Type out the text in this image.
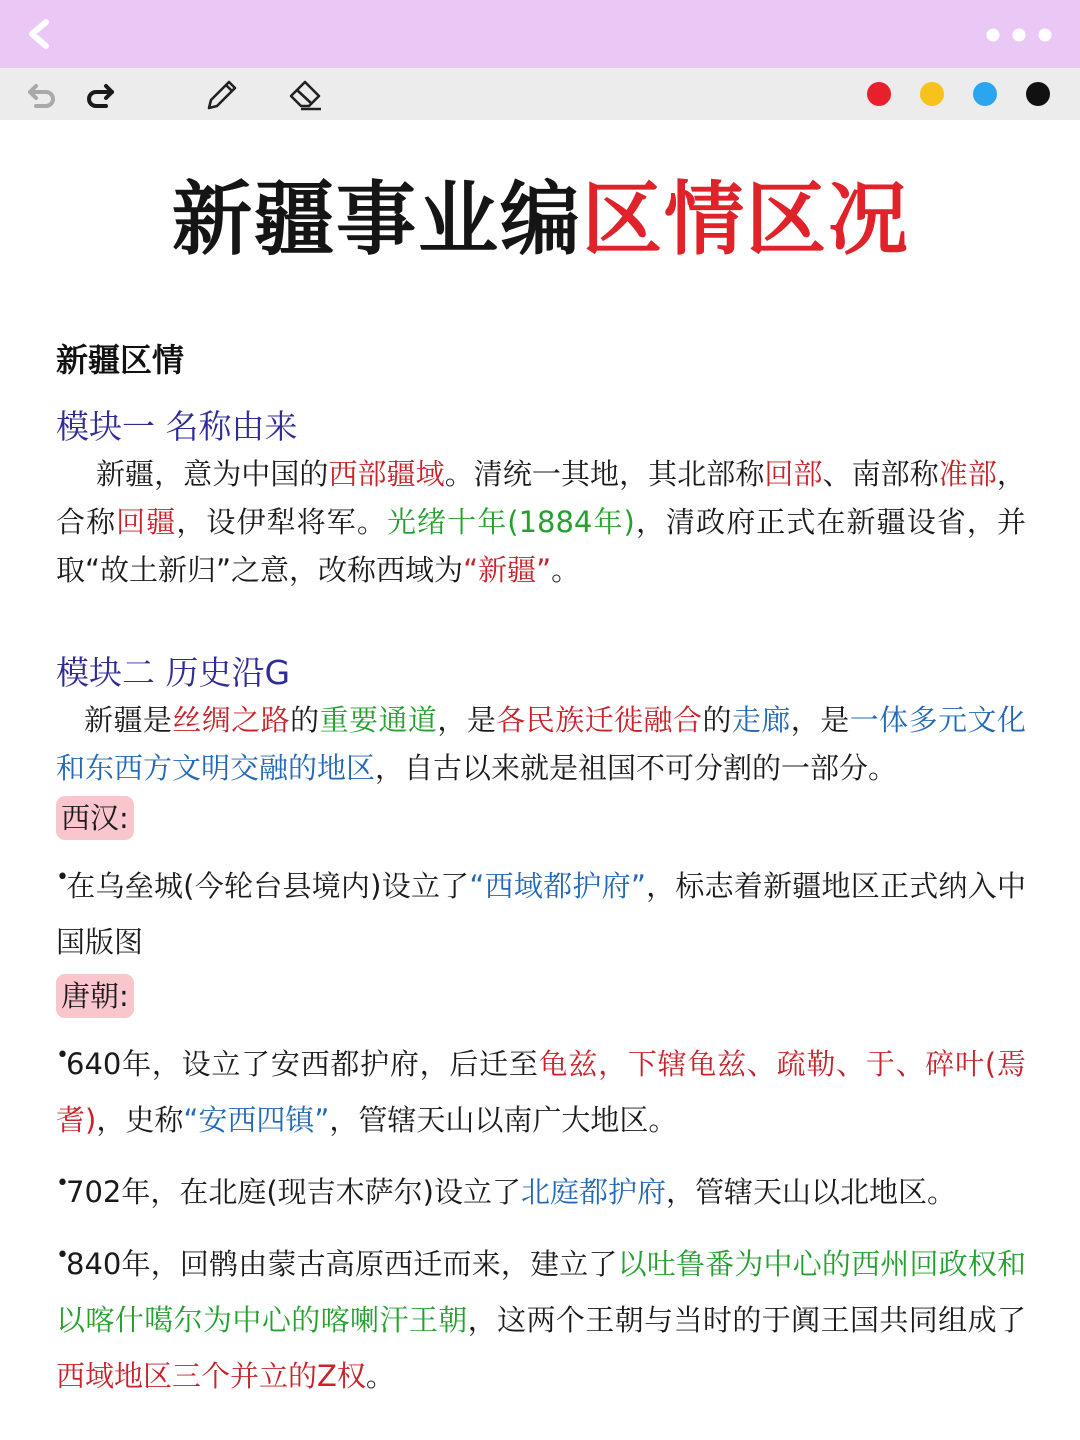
新疆事业编区情区况
新疆区情
模块一 名称由来
新疆，意为中国的西部疆域。清统一其地，其北部称回部、南部称准部，合称回疆，设伊犁将军。光绪十年(1884年)，清政府正式在新疆设省，并取“故土新归”之意，改称西域为“新疆”。
模块二 历史沿G
新疆是丝绸之路的重要通道，是各民族迁徙融合的走廊，是一体多元文化和东西方文明交融的地区，自古以来就是祖国不可分割的一部分。
西汉:
•在乌垒城(今轮台县境内)设立了“西域都护府”，标志着新疆地区正式纳入中国版图
唐朝:
•640年，设立了安西都护府，后迁至龟兹，下辖龟兹、疏勒、于、碎叶(焉耆)，史称“安西四镇”，管辖天山以南广大地区。
•702年，在北庭(现吉木萨尔)设立了北庭都护府，管辖天山以北地区。
•840年，回鹘由蒙古高原西迁而来，建立了以吐鲁番为中心的西州回政权和以喀什噶尔为中心的喀喇汗王朝，这两个王朝与当时的于阗王国共同组成了西域地区三个并立的Z权。
